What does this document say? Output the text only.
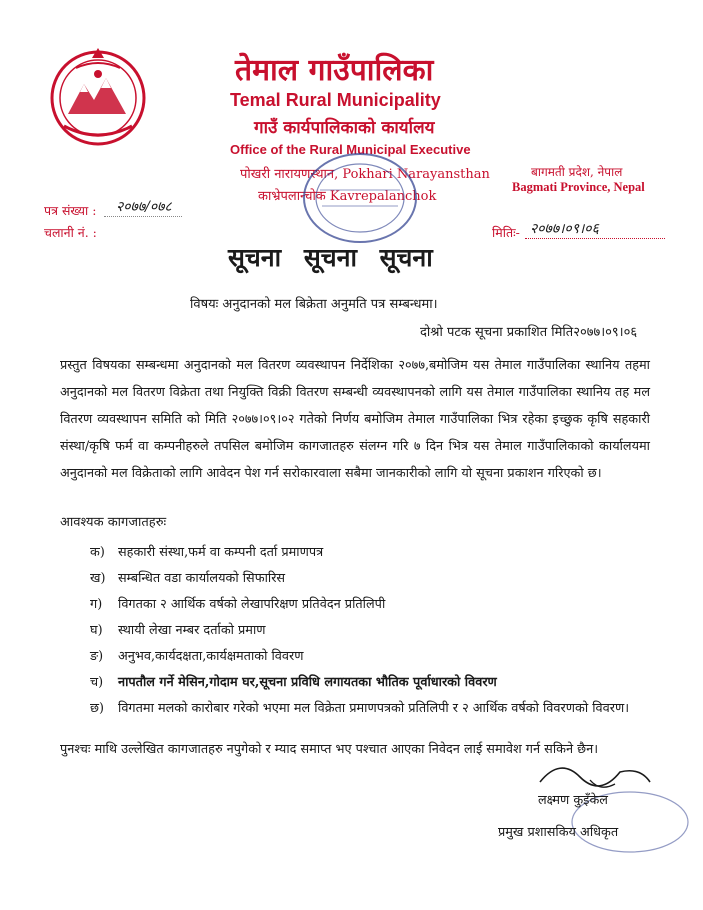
तेमाल गाउँपालिका
Temal Rural Municipality
गाउँ कार्यपालिकाको कार्यालय
Office of the Rural Municipal Executive
पोखरी नारायणस्थान, Pokhari Narayansthan
काभ्रेपलान्चोक Kavrepalanchok
बागमती प्रदेश, नेपाल
Bagmati Province, Nepal
पत्र संख्या : २०७७/०७८
चलानी नं. :	मितिः- २०७७।०९।०६
सूचना सूचना सूचना
विषयः अनुदानको मल बिक्रेता अनुमति पत्र सम्बन्धमा।
दोश्रो पटक सूचना प्रकाशित मिति२०७७।०९।०६
प्रस्तुत विषयका सम्बन्धमा अनुदानको मल वितरण व्यवस्थापन निर्देशिका २०७७,बमोजिम यस तेमाल गाउँपालिका स्थानिय तहमा अनुदानको मल वितरण विक्रेता तथा नियुक्ति विक्री वितरण सम्बन्धी व्यवस्थापनको लागि यस तेमाल गाउँपालिका स्थानिय तह मल वितरण व्यवस्थापन समिति को मिति २०७७।०९।०२ गतेको निर्णय बमोजिम तेमाल गाउँपालिका भित्र रहेका इच्छुक कृषि सहकारी संस्था/कृषि फर्म वा कम्पनीहरुले तपसिल बमोजिम कागजातहरु संलग्न गरि ७ दिन भित्र यस तेमाल गाउँपालिकाको कार्यालयमा अनुदानको मल विक्रेताको लागि आवेदन पेश गर्न सरोकारवाला सबैमा जानकारीको लागि यो सूचना प्रकाशन गरिएको छ।
आवश्यक कागजातहरुः
क)	सहकारी संस्था,फर्म वा कम्पनी दर्ता प्रमाणपत्र
ख) सम्बन्धित वडा कार्यालयको सिफारिस
ग)	विगतका २ आर्थिक वर्षको लेखापरिक्षण प्रतिवेदन प्रतिलिपी
घ)	स्थायी लेखा नम्बर दर्ताको प्रमाण
ङ)	अनुभव,कार्यदक्षता,कार्यक्षमताको विवरण
च)	नापतौल गर्ने मेसिन,गोदाम घर,सूचना प्रविधि लगायतका भौतिक पूर्वाधारको विवरण
छ)	विगतमा मलको कारोबार गरेको भएमा मल विक्रेता प्रमाणपत्रको प्रतिलिपी र २ आर्थिक वर्षको विवरणको विवरण।
पुनश्चः माथि उल्लेखित कागजातहरु नपुगेको र म्याद समाप्त भए पश्चात आएका निवेदन लाई समावेश गर्न सकिने छैन।
लक्ष्मण कुइँकेल
प्रमुख प्रशासकिय अधिकृत
